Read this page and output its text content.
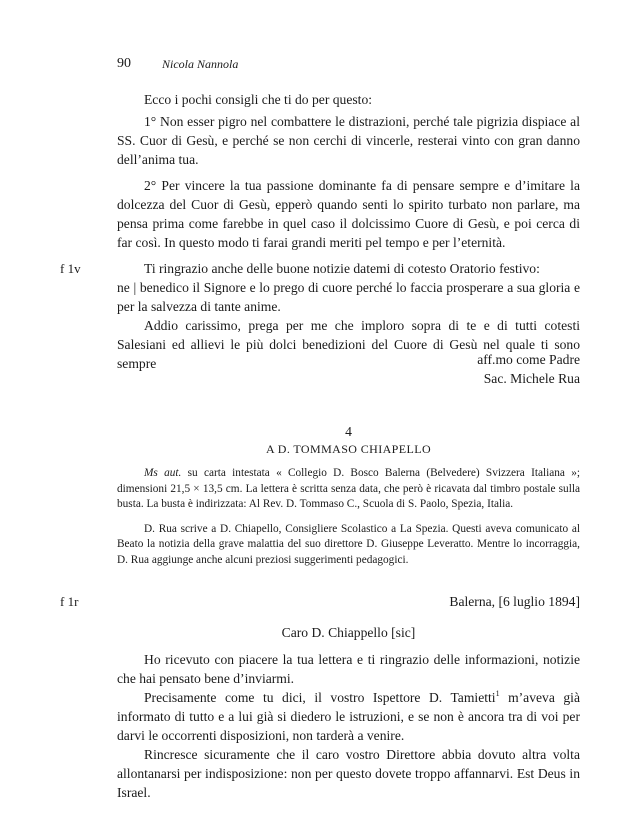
90	Nicola Nannola

Ecco i pochi consigli che ti do per questo:

1° Non esser pigro nel combattere le distrazioni, perché tale pigrizia dispiace al SS. Cuor di Gesù, e perché se non cerchi di vincerle, resterai vinto con gran danno dell’anima tua.

2° Per vincere la tua passione dominante fa di pensare sempre e d’imitare la dolcezza del Cuor di Gesù, epperò quando senti lo spirito turbato non parlare, ma pensa prima come farebbe in quel caso il dolcissimo Cuore di Gesù, e poi cerca di far così. In questo modo ti farai grandi meriti pel tempo e per l’eternità.

Ti ringrazio anche delle buone notizie datemi di cotesto Oratorio festivo:

ne | benedico il Signore e lo prego di cuore perché lo faccia prosperare a sua gloria e per la salvezza di tante anime.

Addio carissimo, prega per me che imploro sopra di te e di tutti cotesti Salesiani ed allievi le più dolci benedizioni del Cuore di Gesù nel quale ti sono sempre

f 1v
aff.mo come Padre
Sac. Michele Rua
4
A D. TOMMASO CHIAPELLO

Ms aut. su carta intestata « Collegio D. Bosco Balerna (Belvedere) Svizzera Italiana »; dimensioni 21,5 × 13,5 cm. La lettera è scritta senza data, che però è ricavata dal timbro postale sulla busta. La busta è indirizzata: Al Rev. D. Tommaso C., Scuola di S. Paolo, Spezia, Italia.

D. Rua scrive a D. Chiapello, Consigliere Scolastico a La Spezia. Questi aveva comunicato al Beato la notizia della grave malattia del suo direttore D. Giuseppe Leveratto. Mentre lo incorraggia, D. Rua aggiunge anche alcuni preziosi suggerimenti pedagogici.

f 1r	Balerna, [6 luglio 1894]
Caro D. Chiappello [sic]

Ho ricevuto con piacere la tua lettera e ti ringrazio delle informazioni, notizie che hai pensato bene d’inviarmi.

Precisamente come tu dici, il vostro Ispettore D. Tamietti$^1$ m’aveva già informato di tutto e a lui già si diedero le istruzioni, e se non è ancora tra di voi per darvi le occorrenti disposizioni, non tarderà a venire.

Rincresce sicuramente che il caro vostro Direttore abbia dovuto altra volta allontanarsi per indisposizione: non per questo dovete troppo affannarvi. Est Deus in Israel.
